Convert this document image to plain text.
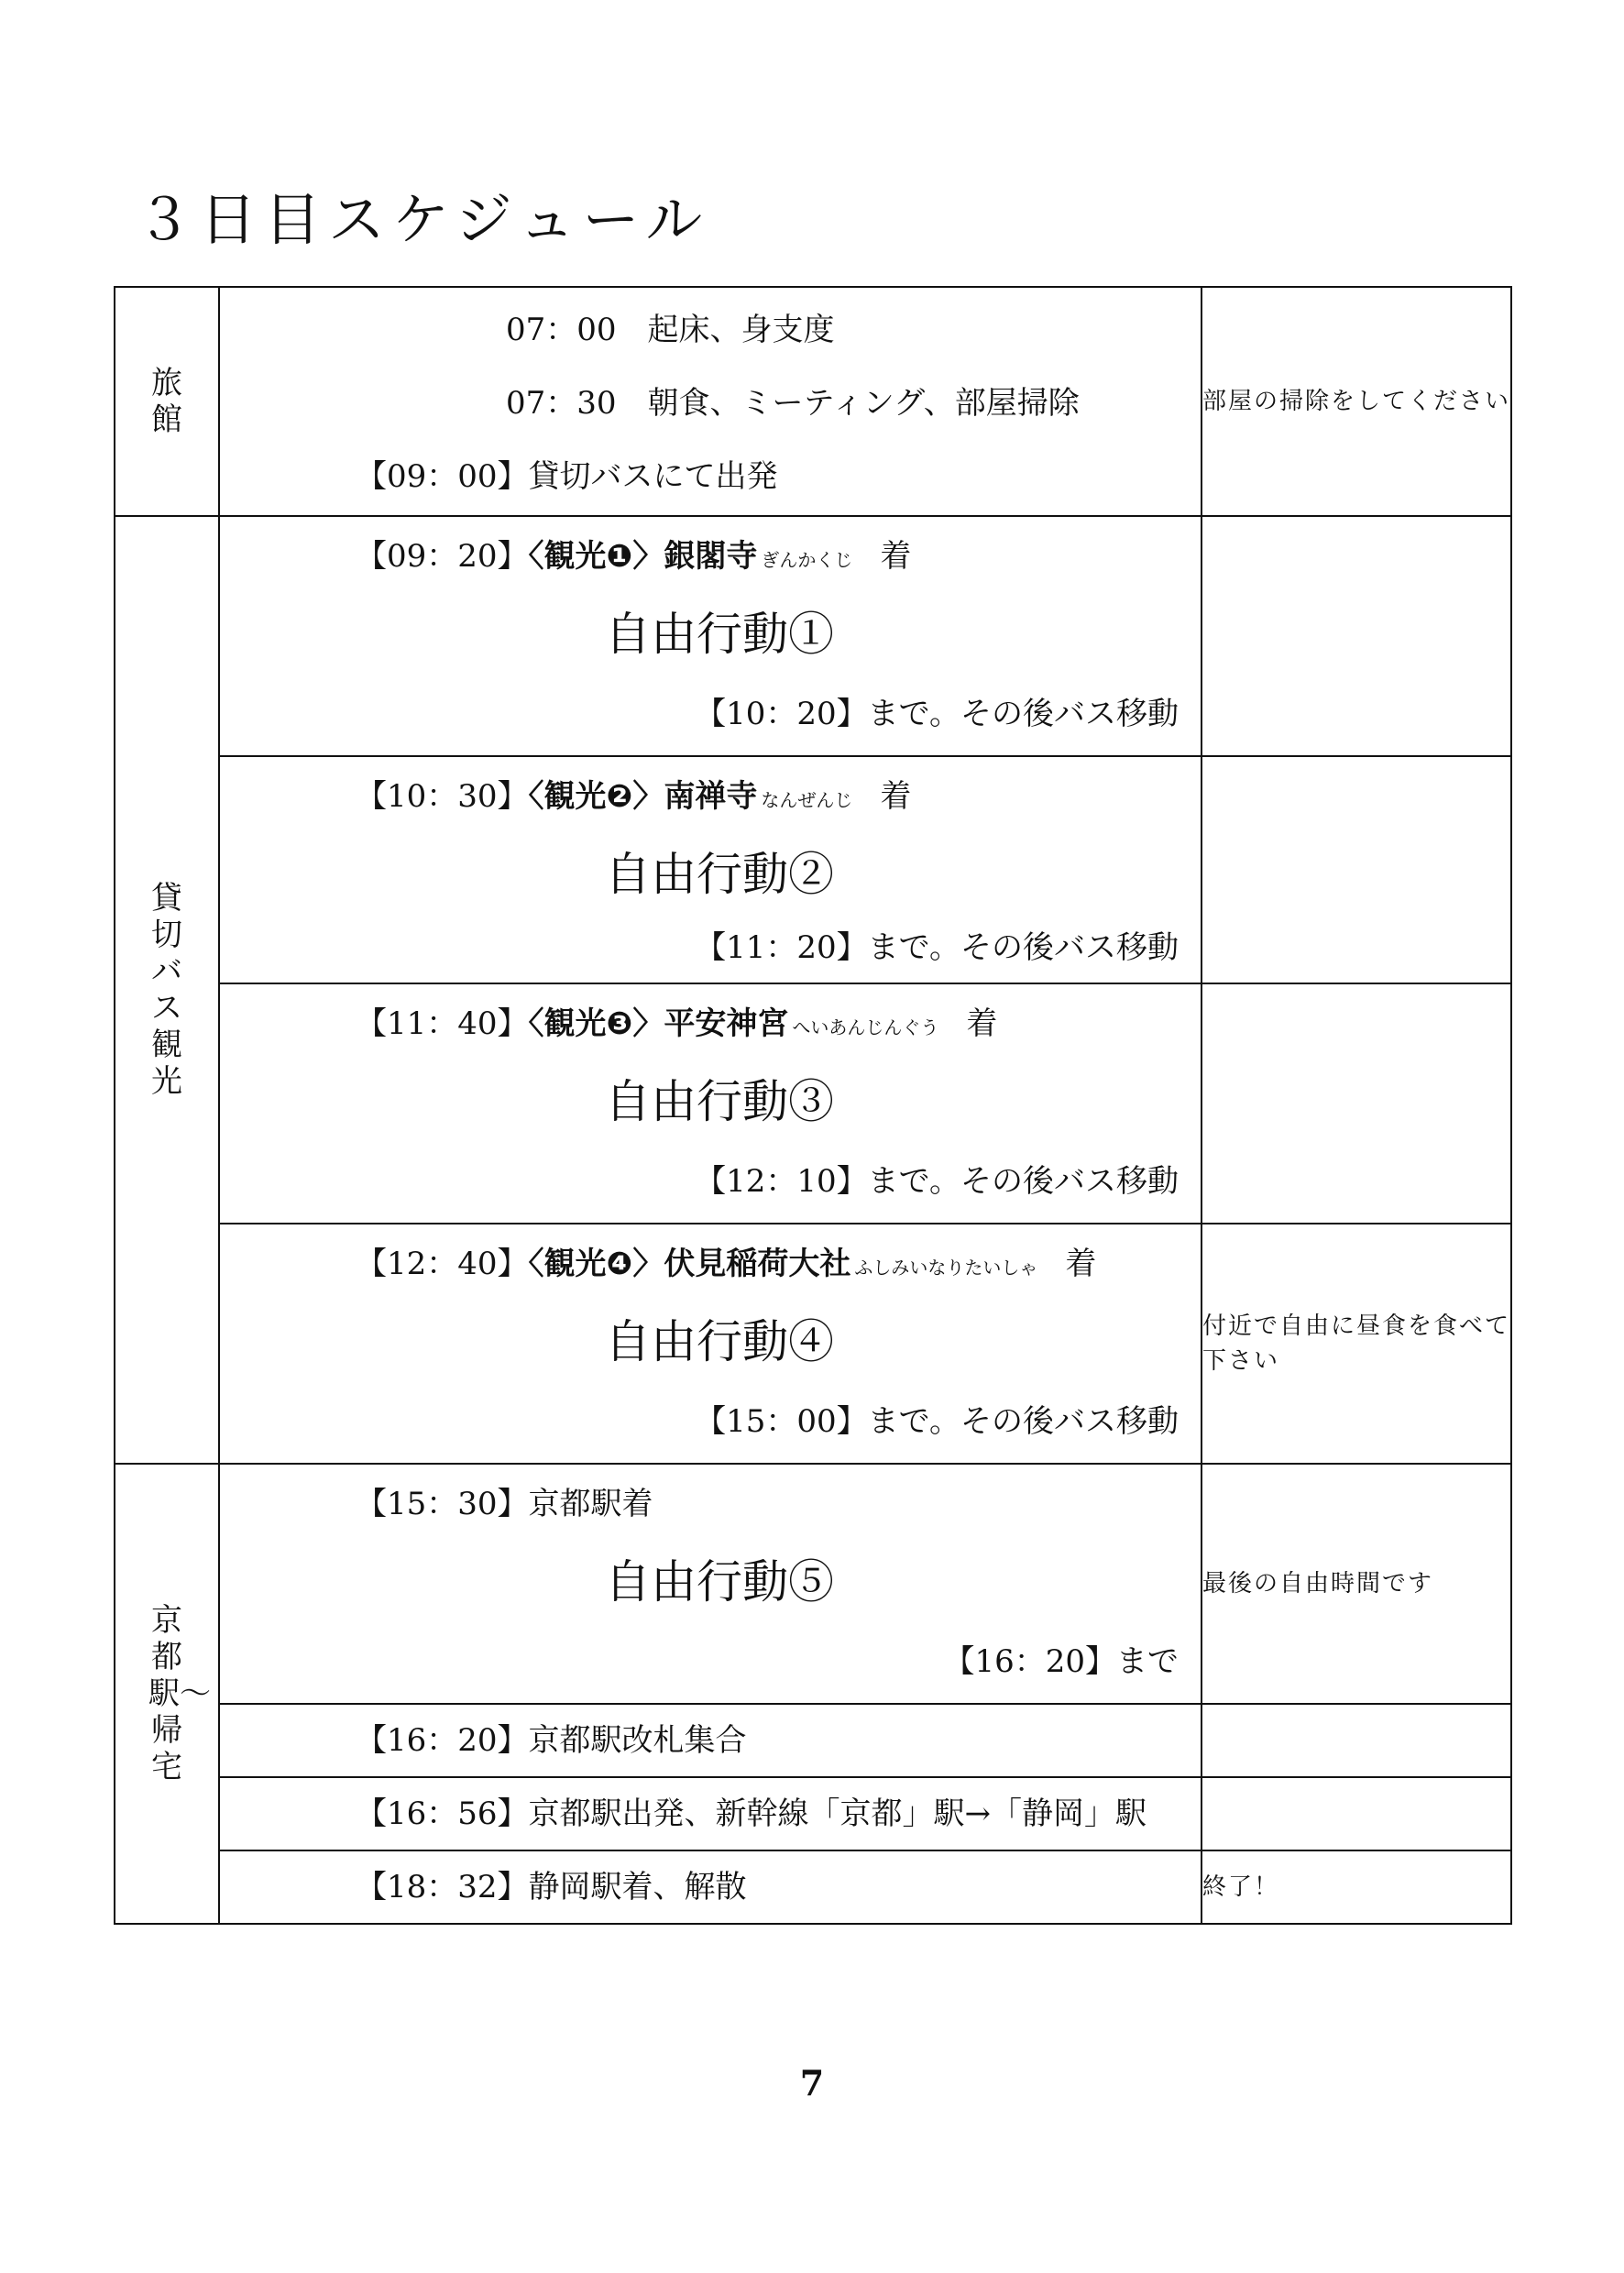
３日目スケジュール
旅館	07：00　起床、身支度
07：30　朝食、ミーティング、部屋掃除
【09：00】貸切バスにて出発	部屋の掃除をしてください
貸切バス観光	【09：20】〈観光❶〉銀閣寺 ぎんかくじ 着
自由行動①
【10：20】まで。その後バス移動	

	【10：30】〈観光❷〉南禅寺 なんぜんじ 着
自由行動②
【11：20】まで。その後バス移動	

	【11：40】〈観光❸〉平安神宮 へいあんじんぐう 着
自由行動③
【12：10】まで。その後バス移動	

	【12：40】〈観光❹〉伏見稲荷大社 ふしみいなりたいしゃ 着
自由行動④
【15：00】まで。その後バス移動	付近で自由に昼食を食べて下さい
京都駅〜帰宅	【15：30】京都駅着
自由行動⑤
【16：20】まで	最後の自由時間です

	【16：20】京都駅改札集合	

	【16：56】京都駅出発、新幹線「京都」駅→「静岡」駅	

	【18：32】静岡駅着、解散	終了！
7
